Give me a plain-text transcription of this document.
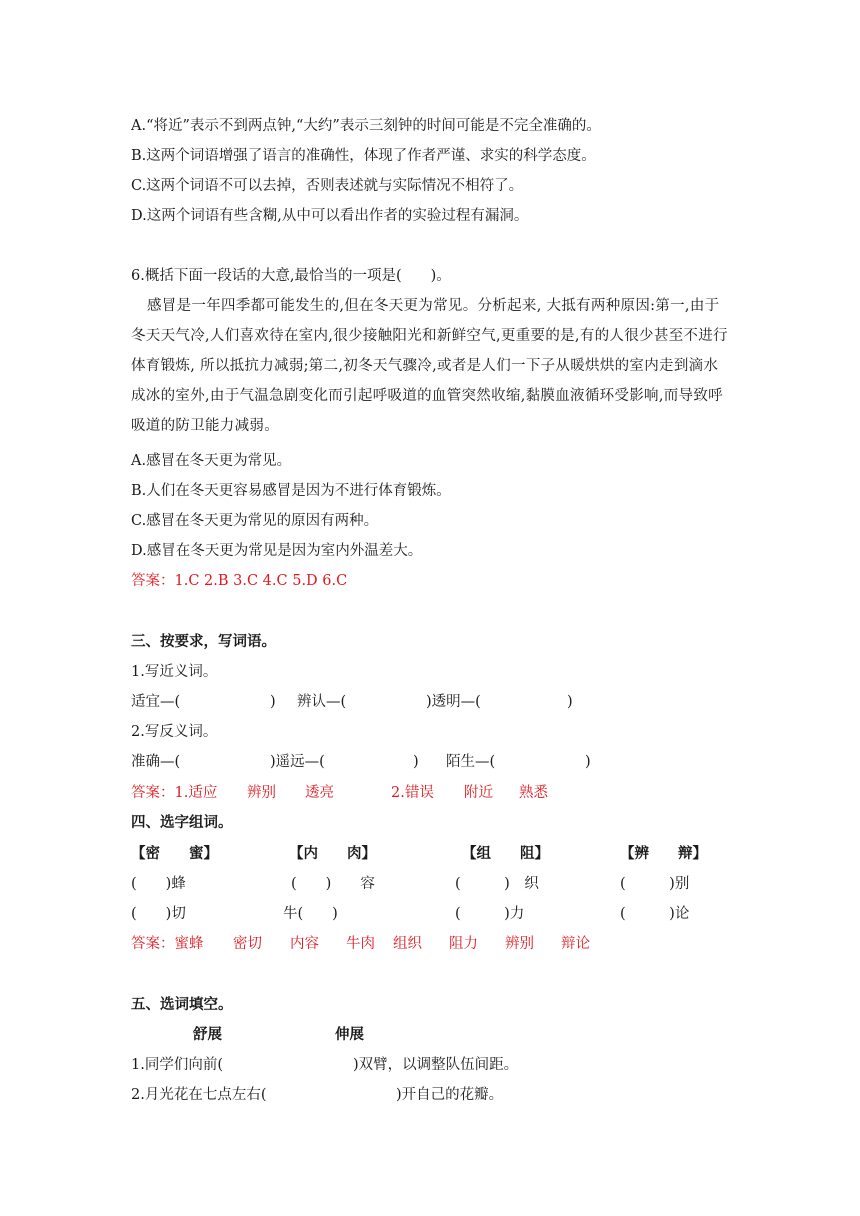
A.“将近”表示不到两点钟,“大约”表示三刻钟的时间可能是不完全准确的。
B.这两个词语增强了语言的准确性，体现了作者严谨、求实的科学态度。
C.这两个词语不可以去掉，否则表述就与实际情况不相符了。
D.这两个词语有些含糊,从中可以看出作者的实验过程有漏洞。
6.概括下面一段话的大意,最恰当的一项是(　　)。
感冒是一年四季都可能发生的,但在冬天更为常见。分析起来, 大抵有两种原因:第一,由于冬天天气冷,人们喜欢待在室内,很少接触阳光和新鲜空气,更重要的是,有的人很少甚至不进行体育锻炼, 所以抵抗力减弱;第二,初冬天气骤冷,或者是人们一下子从暖烘烘的室内走到滴水成冰的室外,由于气温急剧变化而引起呼吸道的血管突然收缩,黏膜血液循环受影响,而导致呼吸道的防卫能力减弱。
A.感冒在冬天更为常见。
B.人们在冬天更容易感冒是因为不进行体育锻炼。
C.感冒在冬天更为常见的原因有两种。
D.感冒在冬天更为常见是因为室内外温差大。
答案：1.C 2.B 3.C 4.C 5.D 6.C
三、按要求，写词语。
1.写近义词。
适宜—(	) 辨认—(	)透明—(	)
2.写反义词。
准确—(	)遥远—(	) 陌生—(	)
答案：1.适应 辨别 透亮	2.错误 附近 熟悉
四、选字组词。
【密　　蜜】	【内　　肉】	【组　　阻】	【辨　　辩】
(　　)蜂	(　　)　　容	(　　　)　织	(　　　)别
(　　)切	牛(　　)	(　　　)力	(　　　)论
答案：蜜蜂 密切 内容 牛肉 组织 阻力 辨别 辩论
五、选词填空。
舒展	伸展
1.同学们向前(	)双臂，以调整队伍间距。
2.月光花在七点左右(	)开自己的花瓣。
